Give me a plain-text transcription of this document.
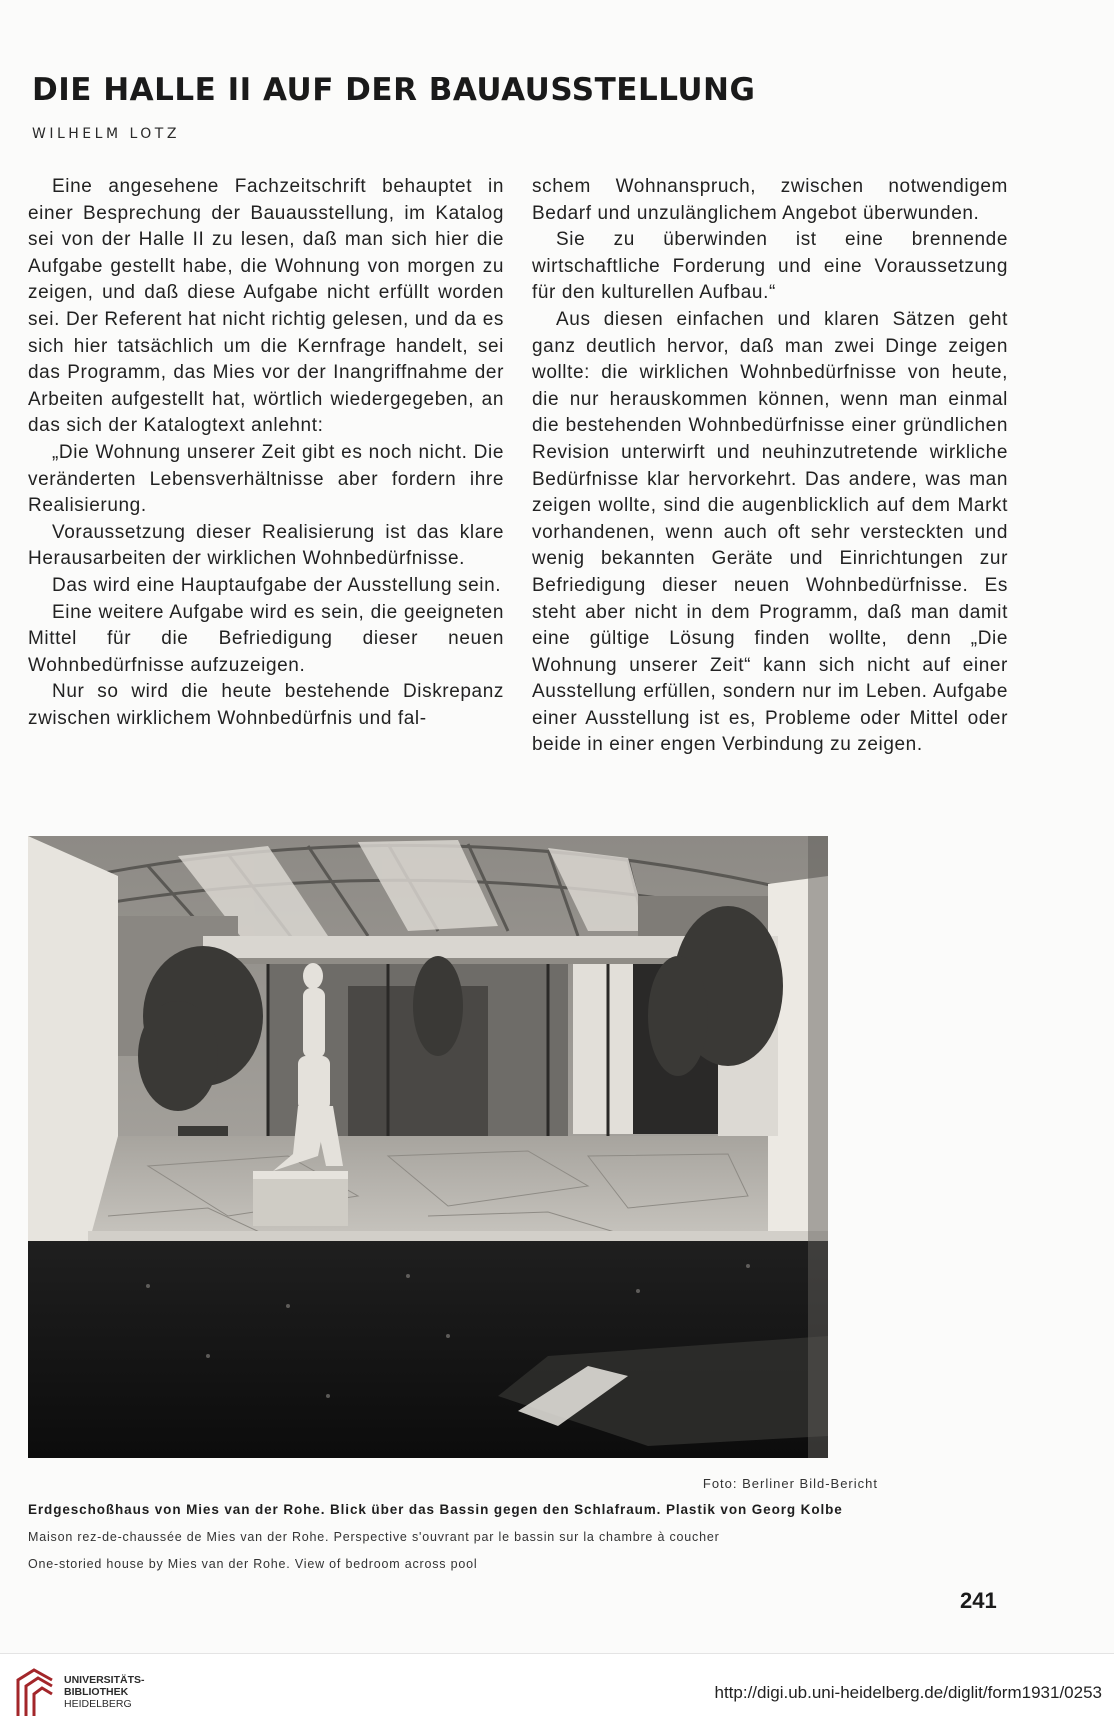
DIE HALLE II AUF DER BAUAUSSTELLUNG
WILHELM LOTZ

Eine angesehene Fachzeitschrift behauptet in einer Besprechung der Bauausstellung, im Katalog sei von der Halle II zu lesen, daß man sich hier die Aufgabe gestellt habe, die Wohnung von morgen zu zeigen, und daß diese Aufgabe nicht erfüllt worden sei. Der Referent hat nicht richtig gelesen, und da es sich hier tatsächlich um die Kernfrage handelt, sei das Programm, das Mies vor der Inangriffnahme der Arbeiten aufgestellt hat, wörtlich wiedergegeben, an das sich der Katalogtext anlehnt:

„Die Wohnung unserer Zeit gibt es noch nicht. Die veränderten Lebensverhältnisse aber fordern ihre Realisierung.

Voraussetzung dieser Realisierung ist das klare Herausarbeiten der wirklichen Wohnbedürfnisse.

Das wird eine Hauptaufgabe der Ausstellung sein.

Eine weitere Aufgabe wird es sein, die geeigneten Mittel für die Befriedigung dieser neuen Wohnbedürfnisse aufzuzeigen.

Nur so wird die heute bestehende Diskrepanz zwischen wirklichem Wohnbedürfnis und fal-

schem Wohnanspruch, zwischen notwendigem Bedarf und unzulänglichem Angebot überwunden.

Sie zu überwinden ist eine brennende wirtschaftliche Forderung und eine Voraussetzung für den kulturellen Aufbau.“

Aus diesen einfachen und klaren Sätzen geht ganz deutlich hervor, daß man zwei Dinge zeigen wollte: die wirklichen Wohnbedürfnisse von heute, die nur herauskommen können, wenn man einmal die bestehenden Wohnbedürfnisse einer gründlichen Revision unterwirft und neuhinzutretende wirkliche Bedürfnisse klar hervorkehrt. Das andere, was man zeigen wollte, sind die augenblicklich auf dem Markt vorhandenen, wenn auch oft sehr versteckten und wenig bekannten Geräte und Einrichtungen zur Befriedigung dieser neuen Wohnbedürfnisse. Es steht aber nicht in dem Programm, daß man damit eine gültige Lösung finden wollte, denn „Die Wohnung unserer Zeit“ kann sich nicht auf einer Ausstellung erfüllen, sondern nur im Leben. Aufgabe einer Ausstellung ist es, Probleme oder Mittel oder beide in einer engen Verbindung zu zeigen.

Foto: Berliner Bild-Bericht
Erdgeschoßhaus von Mies van der Rohe. Blick über das Bassin gegen den Schlafraum. Plastik von Georg Kolbe
Maison rez-de-chaussée de Mies van der Rohe. Perspective s'ouvrant par le bassin sur la chambre à coucher
One-storied house by Mies van der Rohe. View of bedroom across pool
241
UNIVERSITÄTS-
BIBLIOTHEK
HEIDELBERG
http://digi.ub.uni-heidelberg.de/diglit/form1931/0253
